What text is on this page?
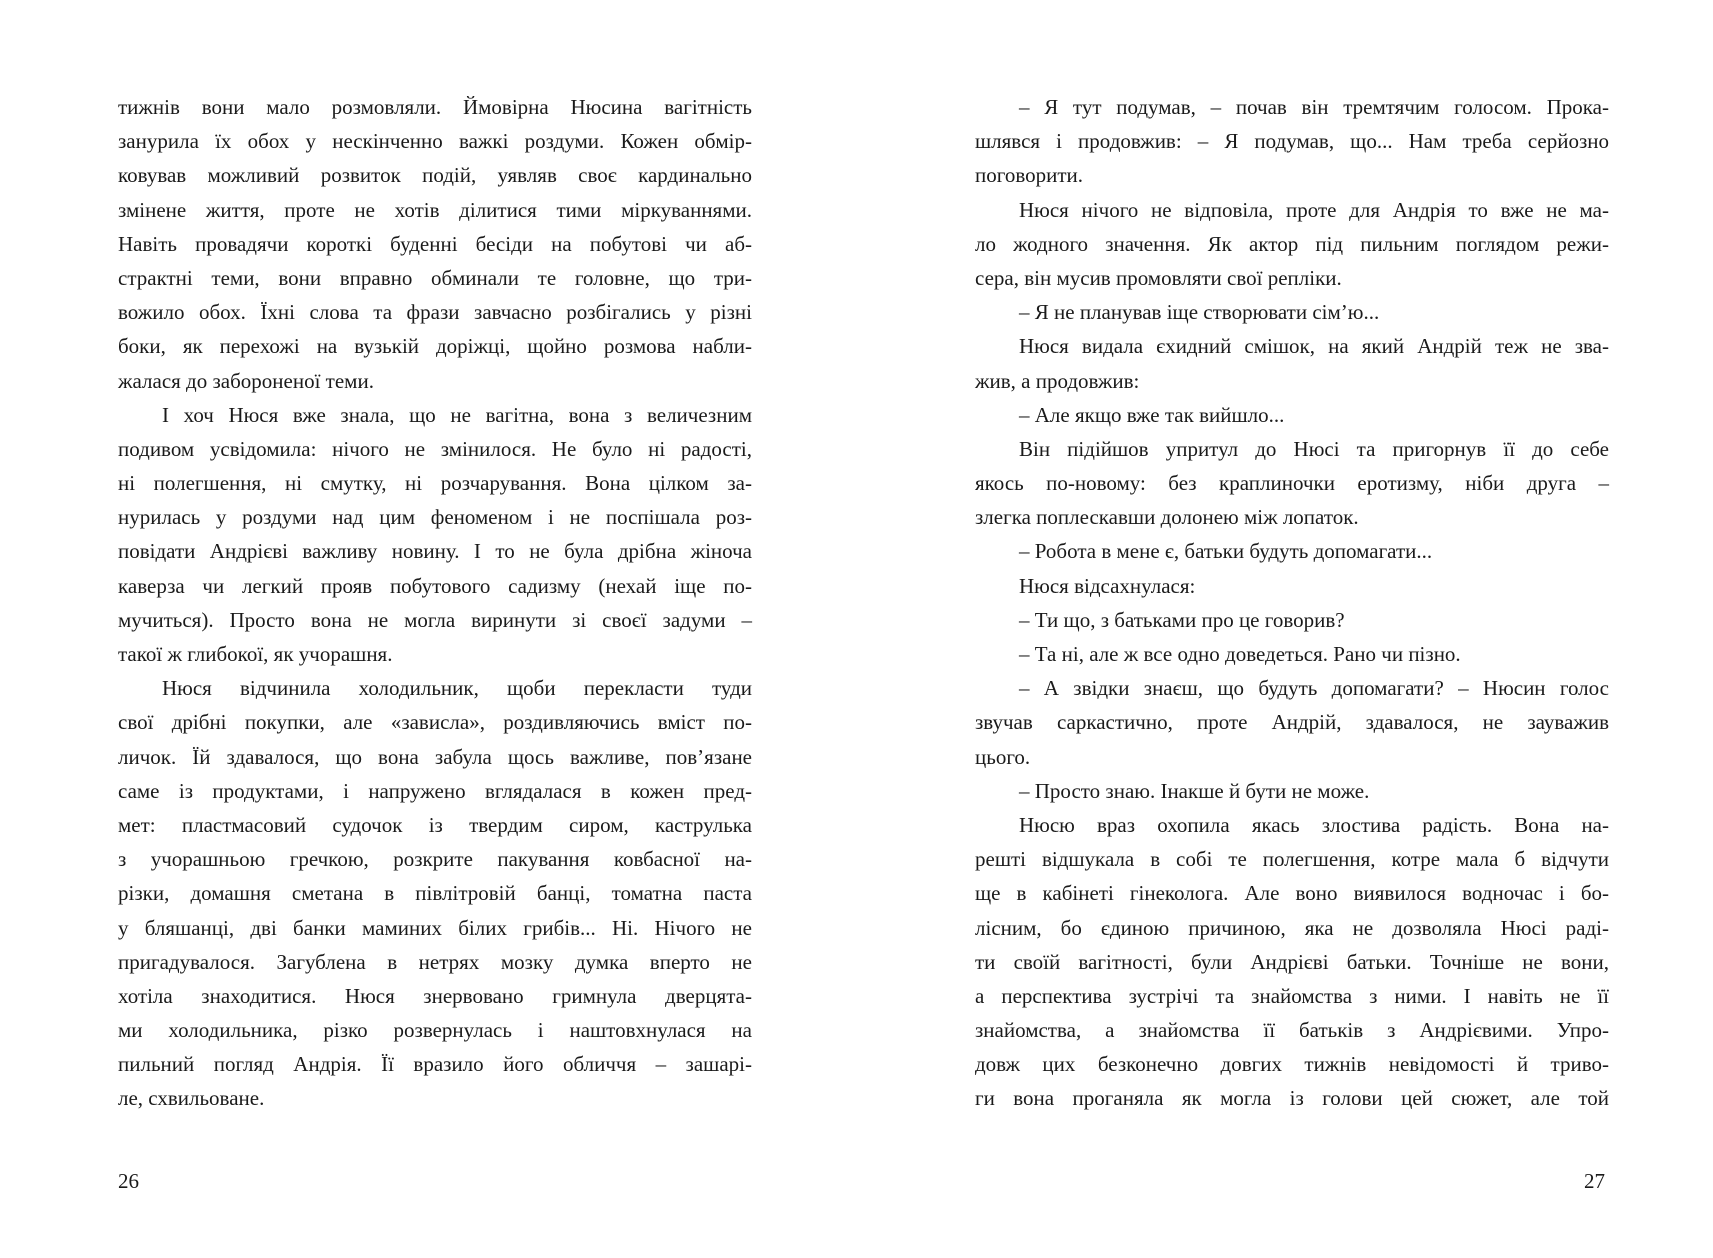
тижнів вони мало розмовляли. Ймовірна Нюсина вагітність
занурила їх обох у нескінченно важкі роздуми. Кожен обмір-
ковував можливий розвиток подій, уявляв своє кардинально
змінене життя, проте не хотів ділитися тими міркуваннями.
Навіть провадячи короткі буденні бесіди на побутові чи аб-
страктні теми, вони вправно обминали те головне, що три-
вожило обох. Їхні слова та фрази завчасно розбігались у різні
боки, як перехожі на вузькій доріжці, щойно розмова набли-
жалася до забороненої теми.
І хоч Нюся вже знала, що не вагітна, вона з величезним
подивом усвідомила: нічого не змінилося. Не було ні радості,
ні полегшення, ні смутку, ні розчарування. Вона цілком за-
нурилась у роздуми над цим феноменом і не поспішала роз-
повідати Андрієві важливу новину. І то не була дрібна жіноча
каверза чи легкий прояв побутового садизму (нехай іще по-
мучиться). Просто вона не могла виринути зі своєї задуми –
такої ж глибокої, як учорашня.
Нюся відчинила холодильник, щоби перекласти туди
свої дрібні покупки, але «зависла», роздивляючись вміст по-
личок. Їй здавалося, що вона забула щось важливе, пов’язане
саме із продуктами, і напружено вглядалася в кожен пред-
мет: пластмасовий судочок із твердим сиром, каструлька
з учорашньою гречкою, розкрите пакування ковбасної на-
різки, домашня сметана в півлітровій банці, томатна паста
у бляшанці, дві банки маминих білих грибів... Ні. Нічого не
пригадувалося. Загублена в нетрях мозку думка вперто не
хотіла знаходитися. Нюся знервовано гримнула дверцята-
ми холодильника, різко розвернулась і наштовхнулася на
пильний погляд Андрія. Її вразило його обличчя – зашарі-
ле, схвильоване.
26
– Я тут подумав, – почав він тремтячим голосом. Прока-
шлявся і продовжив: – Я подумав, що... Нам треба серйозно
поговорити.
Нюся нічого не відповіла, проте для Андрія то вже не ма-
ло жодного значення. Як актор під пильним поглядом режи-
сера, він мусив промовляти свої репліки.
– Я не планував іще створювати сім’ю...
Нюся видала єхидний смішок, на який Андрій теж не зва-
жив, а продовжив:
– Але якщо вже так вийшло...
Він підійшов упритул до Нюсі та пригорнув її до себе
якось по-новому: без краплиночки еротизму, ніби друга –
злегка поплескавши долонею між лопаток.
– Робота в мене є, батьки будуть допомагати...
Нюся відсахнулася:
– Ти що, з батьками про це говорив?
– Та ні, але ж все одно доведеться. Рано чи пізно.
– А звідки знаєш, що будуть допомагати? – Нюсин голос
звучав саркастично, проте Андрій, здавалося, не зауважив
цього.
– Просто знаю. Інакше й бути не може.
Нюсю враз охопила якась злостива радість. Вона на-
решті відшукала в собі те полегшення, котре мала б відчути
ще в кабінеті гінеколога. Але воно виявилося водночас і бо-
лісним, бо єдиною причиною, яка не дозволяла Нюсі раді-
ти своїй вагітності, були Андрієві батьки. Точніше не вони,
а перспектива зустрічі та знайомства з ними. І навіть не її
знайомства, а знайомства її батьків з Андрієвими. Упро-
довж цих безконечно довгих тижнів невідомості й триво-
ги вона проганяла як могла із голови цей сюжет, але той
27
